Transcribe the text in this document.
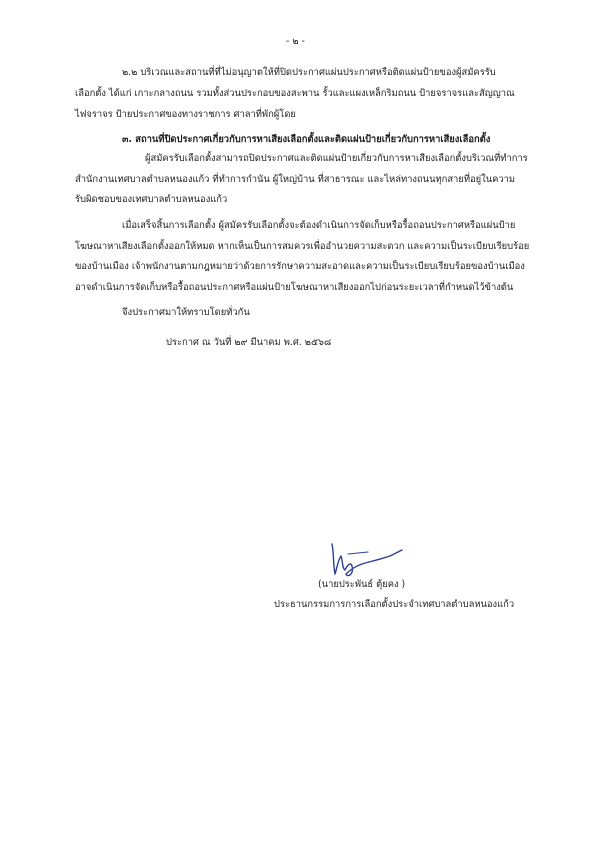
- ๒ -
๒.๒ บริเวณและสถานที่ที่ไม่อนุญาตให้ที่ปิดประกาศแผ่นประกาศหรือติดแผ่นป้ายของผู้สมัครรับ
เลือกตั้ง ได้แก่ เกาะกลางถนน รวมทั้งส่วนประกอบของสะพาน รั้วและแผงเหล็กริมถนน ป้ายจราจรและสัญญาณ
ไฟจราจร ป้ายประกาศของทางราชการ ศาลาที่พักผู้โดย
๓. สถานที่ปิดประกาศเกี่ยวกับการหาเสียงเลือกตั้งและติดแผ่นป้ายเกี่ยวกับการหาเสียงเลือกตั้ง
ผู้สมัครรับเลือกตั้งสามารถปิดประกาศและติดแผ่นป้ายเกี่ยวกับการหาเสียงเลือกตั้งบริเวณที่ทำการ
สำนักงานเทศบาลตำบลหนองแก้ว ที่ทำการกำนัน ผู้ใหญ่บ้าน ที่สาธารณะ และไหล่ทางถนนทุกสายที่อยู่ในความ
รับผิดชอบของเทศบาลตำบลหนองแก้ว
เมื่อเสร็จสิ้นการเลือกตั้ง ผู้สมัครรับเลือกตั้งจะต้องดำเนินการจัดเก็บหรือรื้อถอนประกาศหรือแผ่นป้าย
โฆษณาหาเสียงเลือกตั้งออกให้หมด หากเห็นเป็นการสมควรเพื่ออำนวยความสะดวก และความเป็นระเบียบเรียบร้อย
ของบ้านเมือง เจ้าพนักงานตามกฎหมายว่าด้วยการรักษาความสะอาดและความเป็นระเบียบเรียบร้อยของบ้านเมือง
อาจดำเนินการจัดเก็บหรือรื้อถอนประกาศหรือแผ่นป้ายโฆษณาหาเสียงออกไปก่อนระยะเวลาที่กำหนดไว้ข้างต้น
จึงประกาศมาให้ทราบโดยทั่วกัน
ประกาศ ณ วันที่ ๒๙ มีนาคม พ.ศ. ๒๕๖๘
(นายประพันธ์ ตุ้ยคง )
ประธานกรรมการการเลือกตั้งประจำเทศบาลตำบลหนองแก้ว
